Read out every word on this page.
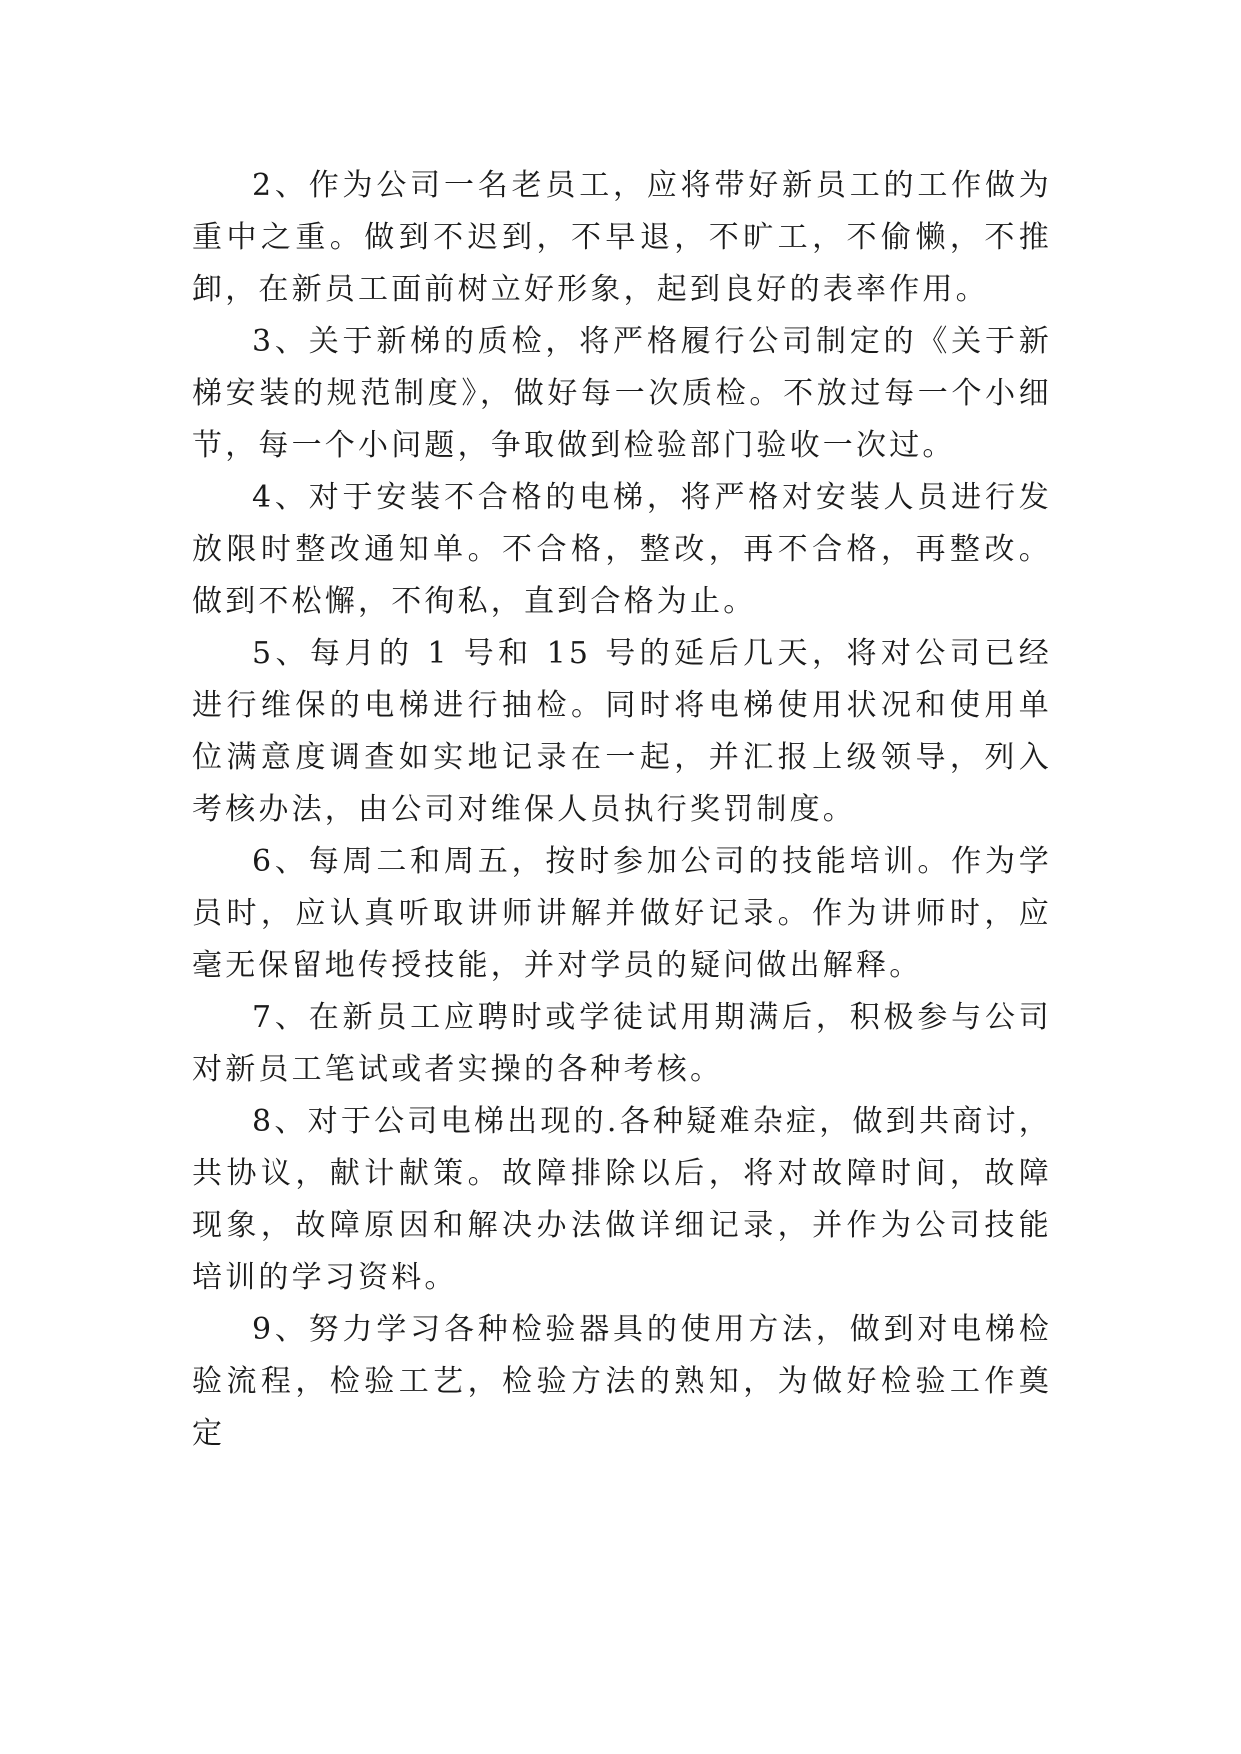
2、作为公司一名老员工，应将带好新员工的工作做为重中之重。做到不迟到，不早退，不旷工，不偷懒，不推卸，在新员工面前树立好形象，起到良好的表率作用。

3、关于新梯的质检，将严格履行公司制定的《关于新梯安装的规范制度》，做好每一次质检。不放过每一个小细节，每一个小问题，争取做到检验部门验收一次过。

4、对于安装不合格的电梯，将严格对安装人员进行发放限时整改通知单。不合格，整改，再不合格，再整改。做到不松懈，不徇私，直到合格为止。

5、每月的 1 号和 15 号的延后几天，将对公司已经进行维保的电梯进行抽检。同时将电梯使用状况和使用单位满意度调查如实地记录在一起，并汇报上级领导，列入考核办法，由公司对维保人员执行奖罚制度。

6、每周二和周五，按时参加公司的技能培训。作为学员时，应认真听取讲师讲解并做好记录。作为讲师时，应毫无保留地传授技能，并对学员的疑问做出解释。

7、在新员工应聘时或学徒试用期满后，积极参与公司对新员工笔试或者实操的各种考核。

8、对于公司电梯出现的.各种疑难杂症，做到共商讨，共协议，献计献策。故障排除以后，将对故障时间，故障现象，故障原因和解决办法做详细记录，并作为公司技能培训的学习资料。

9、努力学习各种检验器具的使用方法，做到对电梯检验流程，检验工艺，检验方法的熟知，为做好检验工作奠定
